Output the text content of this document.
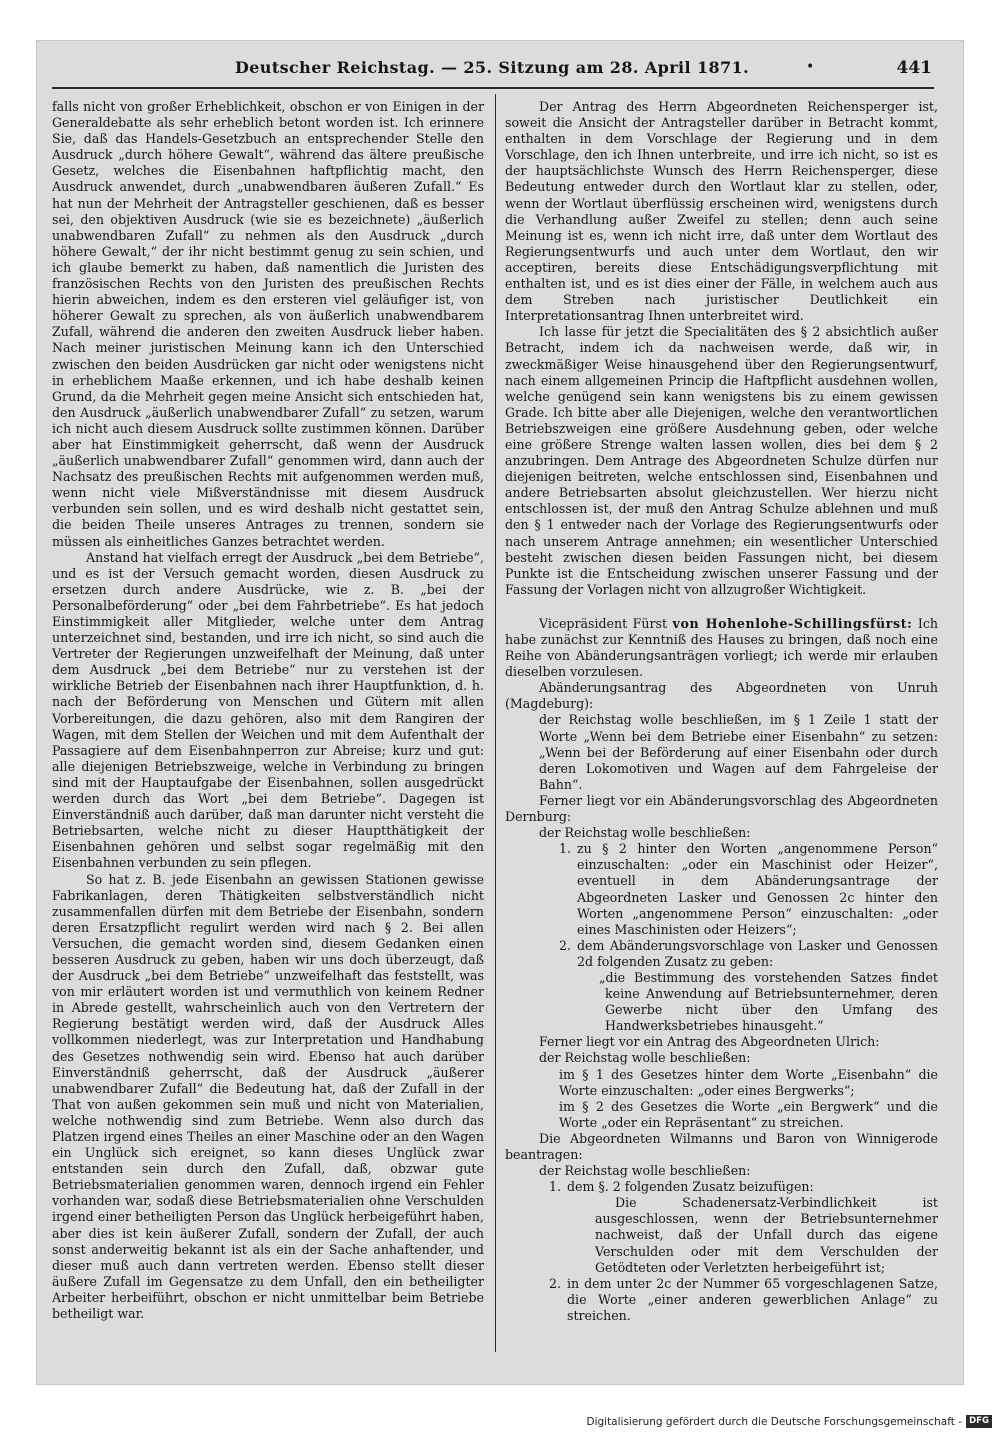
Deutscher Reichstag. — 25. Sitzung am 28. April 1871.	•	441

falls nicht von großer Erheblichkeit, obschon er von Einigen in der Generaldebatte als sehr erheblich betont worden ist. Ich erinnere Sie, daß das Handels-Gesetzbuch an entsprechender Stelle den Ausdruck „durch höhere Gewalt“, während das ältere preußische Gesetz, welches die Eisenbahnen haftpflichtig macht, den Ausdruck anwendet, durch „unabwendbaren äußeren Zufall.“ Es hat nun der Mehrheit der Antragsteller geschienen, daß es besser sei, den objektiven Ausdruck (wie sie es bezeichnete) „äußerlich unabwendbaren Zufall“ zu nehmen als den Ausdruck „durch höhere Gewalt,“ der ihr nicht bestimmt genug zu sein schien, und ich glaube bemerkt zu haben, daß namentlich die Juristen des französischen Rechts von den Juristen des preußischen Rechts hierin abweichen, indem es den ersteren viel geläufiger ist, von höherer Gewalt zu sprechen, als von äußerlich unabwendbarem Zufall, während die anderen den zweiten Ausdruck lieber haben. Nach meiner juristischen Meinung kann ich den Unterschied zwischen den beiden Ausdrücken gar nicht oder wenigstens nicht in erheblichem Maaße erkennen, und ich habe deshalb keinen Grund, da die Mehrheit gegen meine Ansicht sich entschieden hat, den Ausdruck „äußerlich unabwendbarer Zufall“ zu setzen, warum ich nicht auch diesem Ausdruck sollte zustimmen können. Darüber aber hat Einstimmigkeit geherrscht, daß wenn der Ausdruck „äußerlich unabwendbarer Zufall“ genommen wird, dann auch der Nachsatz des preußischen Rechts mit aufgenommen werden muß, wenn nicht viele Mißverständnisse mit diesem Ausdruck verbunden sein sollen, und es wird deshalb nicht gestattet sein, die beiden Theile unseres Antrages zu trennen, sondern sie müssen als einheitliches Ganzes betrachtet werden.

Anstand hat vielfach erregt der Ausdruck „bei dem Betriebe“, und es ist der Versuch gemacht worden, diesen Ausdruck zu ersetzen durch andere Ausdrücke, wie z. B. „bei der Personalbeförderung“ oder „bei dem Fahrbetriebe“. Es hat jedoch Einstimmigkeit aller Mitglieder, welche unter dem Antrag unterzeichnet sind, bestanden, und irre ich nicht, so sind auch die Vertreter der Regierungen unzweifelhaft der Meinung, daß unter dem Ausdruck „bei dem Betriebe“ nur zu verstehen ist der wirkliche Betrieb der Eisenbahnen nach ihrer Hauptfunktion, d. h. nach der Beförderung von Menschen und Gütern mit allen Vorbereitungen, die dazu gehören, also mit dem Rangiren der Wagen, mit dem Stellen der Weichen und mit dem Aufenthalt der Passagiere auf dem Eisenbahnperron zur Abreise; kurz und gut: alle diejenigen Betriebszweige, welche in Verbindung zu bringen sind mit der Hauptaufgabe der Eisenbahnen, sollen ausgedrückt werden durch das Wort „bei dem Betriebe“. Dagegen ist Einverständniß auch darüber, daß man darunter nicht versteht die Betriebsarten, welche nicht zu dieser Hauptthätigkeit der Eisenbahnen gehören und selbst sogar regelmäßig mit den Eisenbahnen verbunden zu sein pflegen.

So hat z. B. jede Eisenbahn an gewissen Stationen gewisse Fabrikanlagen, deren Thätigkeiten selbstverständlich nicht zusammenfallen dürfen mit dem Betriebe der Eisenbahn, sondern deren Ersatzpflicht regulirt werden wird nach § 2. Bei allen Versuchen, die gemacht worden sind, diesem Gedanken einen besseren Ausdruck zu geben, haben wir uns doch überzeugt, daß der Ausdruck „bei dem Betriebe“ unzweifelhaft das feststellt, was von mir erläutert worden ist und vermuthlich von keinem Redner in Abrede gestellt, wahrscheinlich auch von den Vertretern der Regierung bestätigt werden wird, daß der Ausdruck Alles vollkommen niederlegt, was zur Interpretation und Handhabung des Gesetzes nothwendig sein wird. Ebenso hat auch darüber Einverständniß geherrscht, daß der Ausdruck „äußerer unabwendbarer Zufall“ die Bedeutung hat, daß der Zufall in der That von außen gekommen sein muß und nicht von Materialien, welche nothwendig sind zum Betriebe. Wenn also durch das Platzen irgend eines Theiles an einer Maschine oder an den Wagen ein Unglück sich ereignet, so kann dieses Unglück zwar entstanden sein durch den Zufall, daß, obzwar gute Betriebsmaterialien genommen waren, dennoch irgend ein Fehler vorhanden war, sodaß diese Betriebsmaterialien ohne Verschulden irgend einer betheiligten Person das Unglück herbeigeführt haben, aber dies ist kein äußerer Zufall, sondern der Zufall, der auch sonst anderweitig bekannt ist als ein der Sache anhaftender, und dieser muß auch dann vertreten werden. Ebenso stellt dieser äußere Zufall im Gegensatze zu dem Unfall, den ein betheiligter Arbeiter herbeiführt, obschon er nicht unmittelbar beim Betriebe betheiligt war.

Der Antrag des Herrn Abgeordneten Reichensperger ist, soweit die Ansicht der Antragsteller darüber in Betracht kommt, enthalten in dem Vorschlage der Regierung und in dem Vorschlage, den ich Ihnen unterbreite, und irre ich nicht, so ist es der hauptsächlichste Wunsch des Herrn Reichensperger, diese Bedeutung entweder durch den Wortlaut klar zu stellen, oder, wenn der Wortlaut überflüssig erscheinen wird, wenigstens durch die Verhandlung außer Zweifel zu stellen; denn auch seine Meinung ist es, wenn ich nicht irre, daß unter dem Wortlaut des Regierungsentwurfs und auch unter dem Wortlaut, den wir acceptiren, bereits diese Entschädigungsverpflichtung mit enthalten ist, und es ist dies einer der Fälle, in welchem auch aus dem Streben nach juristischer Deutlichkeit ein Interpretationsantrag Ihnen unterbreitet wird.

Ich lasse für jetzt die Specialitäten des § 2 absichtlich außer Betracht, indem ich da nachweisen werde, daß wir, in zweckmäßiger Weise hinausgehend über den Regierungsentwurf, nach einem allgemeinen Princip die Haftpflicht ausdehnen wollen, welche genügend sein kann wenigstens bis zu einem gewissen Grade. Ich bitte aber alle Diejenigen, welche den verantwortlichen Betriebszweigen eine größere Ausdehnung geben, oder welche eine größere Strenge walten lassen wollen, dies bei dem § 2 anzubringen. Dem Antrage des Abgeordneten Schulze dürfen nur diejenigen beitreten, welche entschlossen sind, Eisenbahnen und andere Betriebsarten absolut gleichzustellen. Wer hierzu nicht entschlossen ist, der muß den Antrag Schulze ablehnen und muß den § 1 entweder nach der Vorlage des Regierungsentwurfs oder nach unserem Antrage annehmen; ein wesentlicher Unterschied besteht zwischen diesen beiden Fassungen nicht, bei diesem Punkte ist die Entscheidung zwischen unserer Fassung und der Fassung der Vorlagen nicht von allzugroßer Wichtigkeit.

Vicepräsident Fürst von Hohenlohe-Schillingsfürst: Ich habe zunächst zur Kenntniß des Hauses zu bringen, daß noch eine Reihe von Abänderungsanträgen vorliegt; ich werde mir erlauben dieselben vorzulesen.

Abänderungsantrag des Abgeordneten von Unruh (Magdeburg):

der Reichstag wolle beschließen, im § 1 Zeile 1 statt der Worte „Wenn bei dem Betriebe einer Eisenbahn“ zu setzen: „Wenn bei der Beförderung auf einer Eisenbahn oder durch deren Lokomotiven und Wagen auf dem Fahrgeleise der Bahn“.

Ferner liegt vor ein Abänderungsvorschlag des Abgeordneten Dernburg:

der Reichstag wolle beschließen:

1. zu § 2 hinter den Worten „angenommene Person“ einzuschalten: „oder ein Maschinist oder Heizer“, eventuell in dem Abänderungsantrage der Abgeordneten Lasker und Genossen 2c hinter den Worten „angenommene Person“ einzuschalten: „oder eines Maschinisten oder Heizers“;
2. dem Abänderungsvorschlage von Lasker und Genossen 2d folgenden Zusatz zu geben:

„die Bestimmung des vorstehenden Satzes findet keine Anwendung auf Betriebsunternehmer, deren Gewerbe nicht über den Umfang des Handwerksbetriebes hinausgeht.“

Ferner liegt vor ein Antrag des Abgeordneten Ulrich:

der Reichstag wolle beschließen:

im § 1 des Gesetzes hinter dem Worte „Eisenbahn“ die Worte einzuschalten: „oder eines Bergwerks“;

im § 2 des Gesetzes die Worte „ein Bergwerk“ und die Worte „oder ein Repräsentant“ zu streichen.

Die Abgeordneten Wilmanns und Baron von Winnigerode beantragen:

der Reichstag wolle beschließen:

1. dem §. 2 folgenden Zusatz beizufügen:

Die Schadenersatz-Verbindlichkeit ist ausgeschlossen, wenn der Betriebsunternehmer nachweist, daß der Unfall durch das eigene Verschulden oder mit dem Verschulden der Getödteten oder Verletzten herbeigeführt ist;

2. in dem unter 2c der Nummer 65 vorgeschlagenen Satze, die Worte „einer anderen gewerblichen Anlage“ zu streichen.
Digitalisierung gefördert durch die Deutsche Forschungsgemeinschaft - DFG
